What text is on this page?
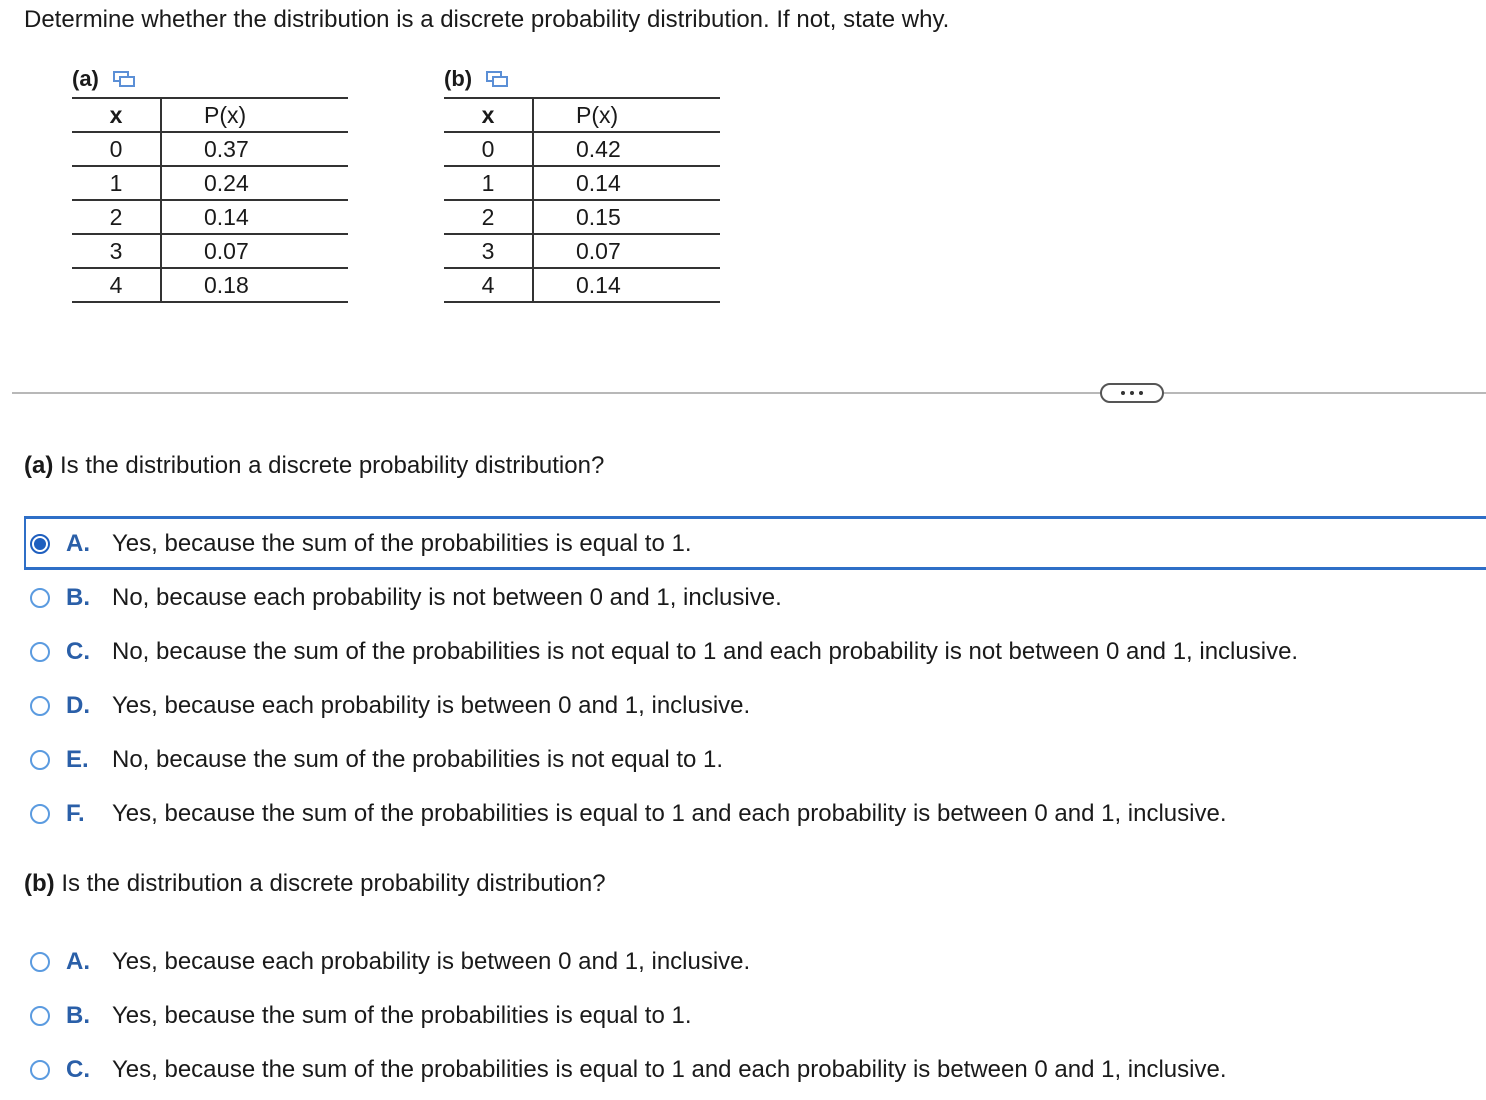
Determine whether the distribution is a discrete probability distribution. If not, state why.
(a)
x	P(x)
0	0.37
1	0.24
2	0.14
3	0.07
4	0.18
(b)
x	P(x)
0	0.42
1	0.14
2	0.15
3	0.07
4	0.14
(a) Is the distribution a discrete probability distribution?
A. Yes, because the sum of the probabilities is equal to 1.
B. No, because each probability is not between 0 and 1, inclusive.
C. No, because the sum of the probabilities is not equal to 1 and each probability is not between 0 and 1, inclusive.
D. Yes, because each probability is between 0 and 1, inclusive.
E. No, because the sum of the probabilities is not equal to 1.
F.	Yes, because the sum of the probabilities is equal to 1 and each probability is between 0 and 1, inclusive.
(b) Is the distribution a discrete probability distribution?
A. Yes, because each probability is between 0 and 1, inclusive.
B. Yes, because the sum of the probabilities is equal to 1.
C. Yes, because the sum of the probabilities is equal to 1 and each probability is between 0 and 1, inclusive.
